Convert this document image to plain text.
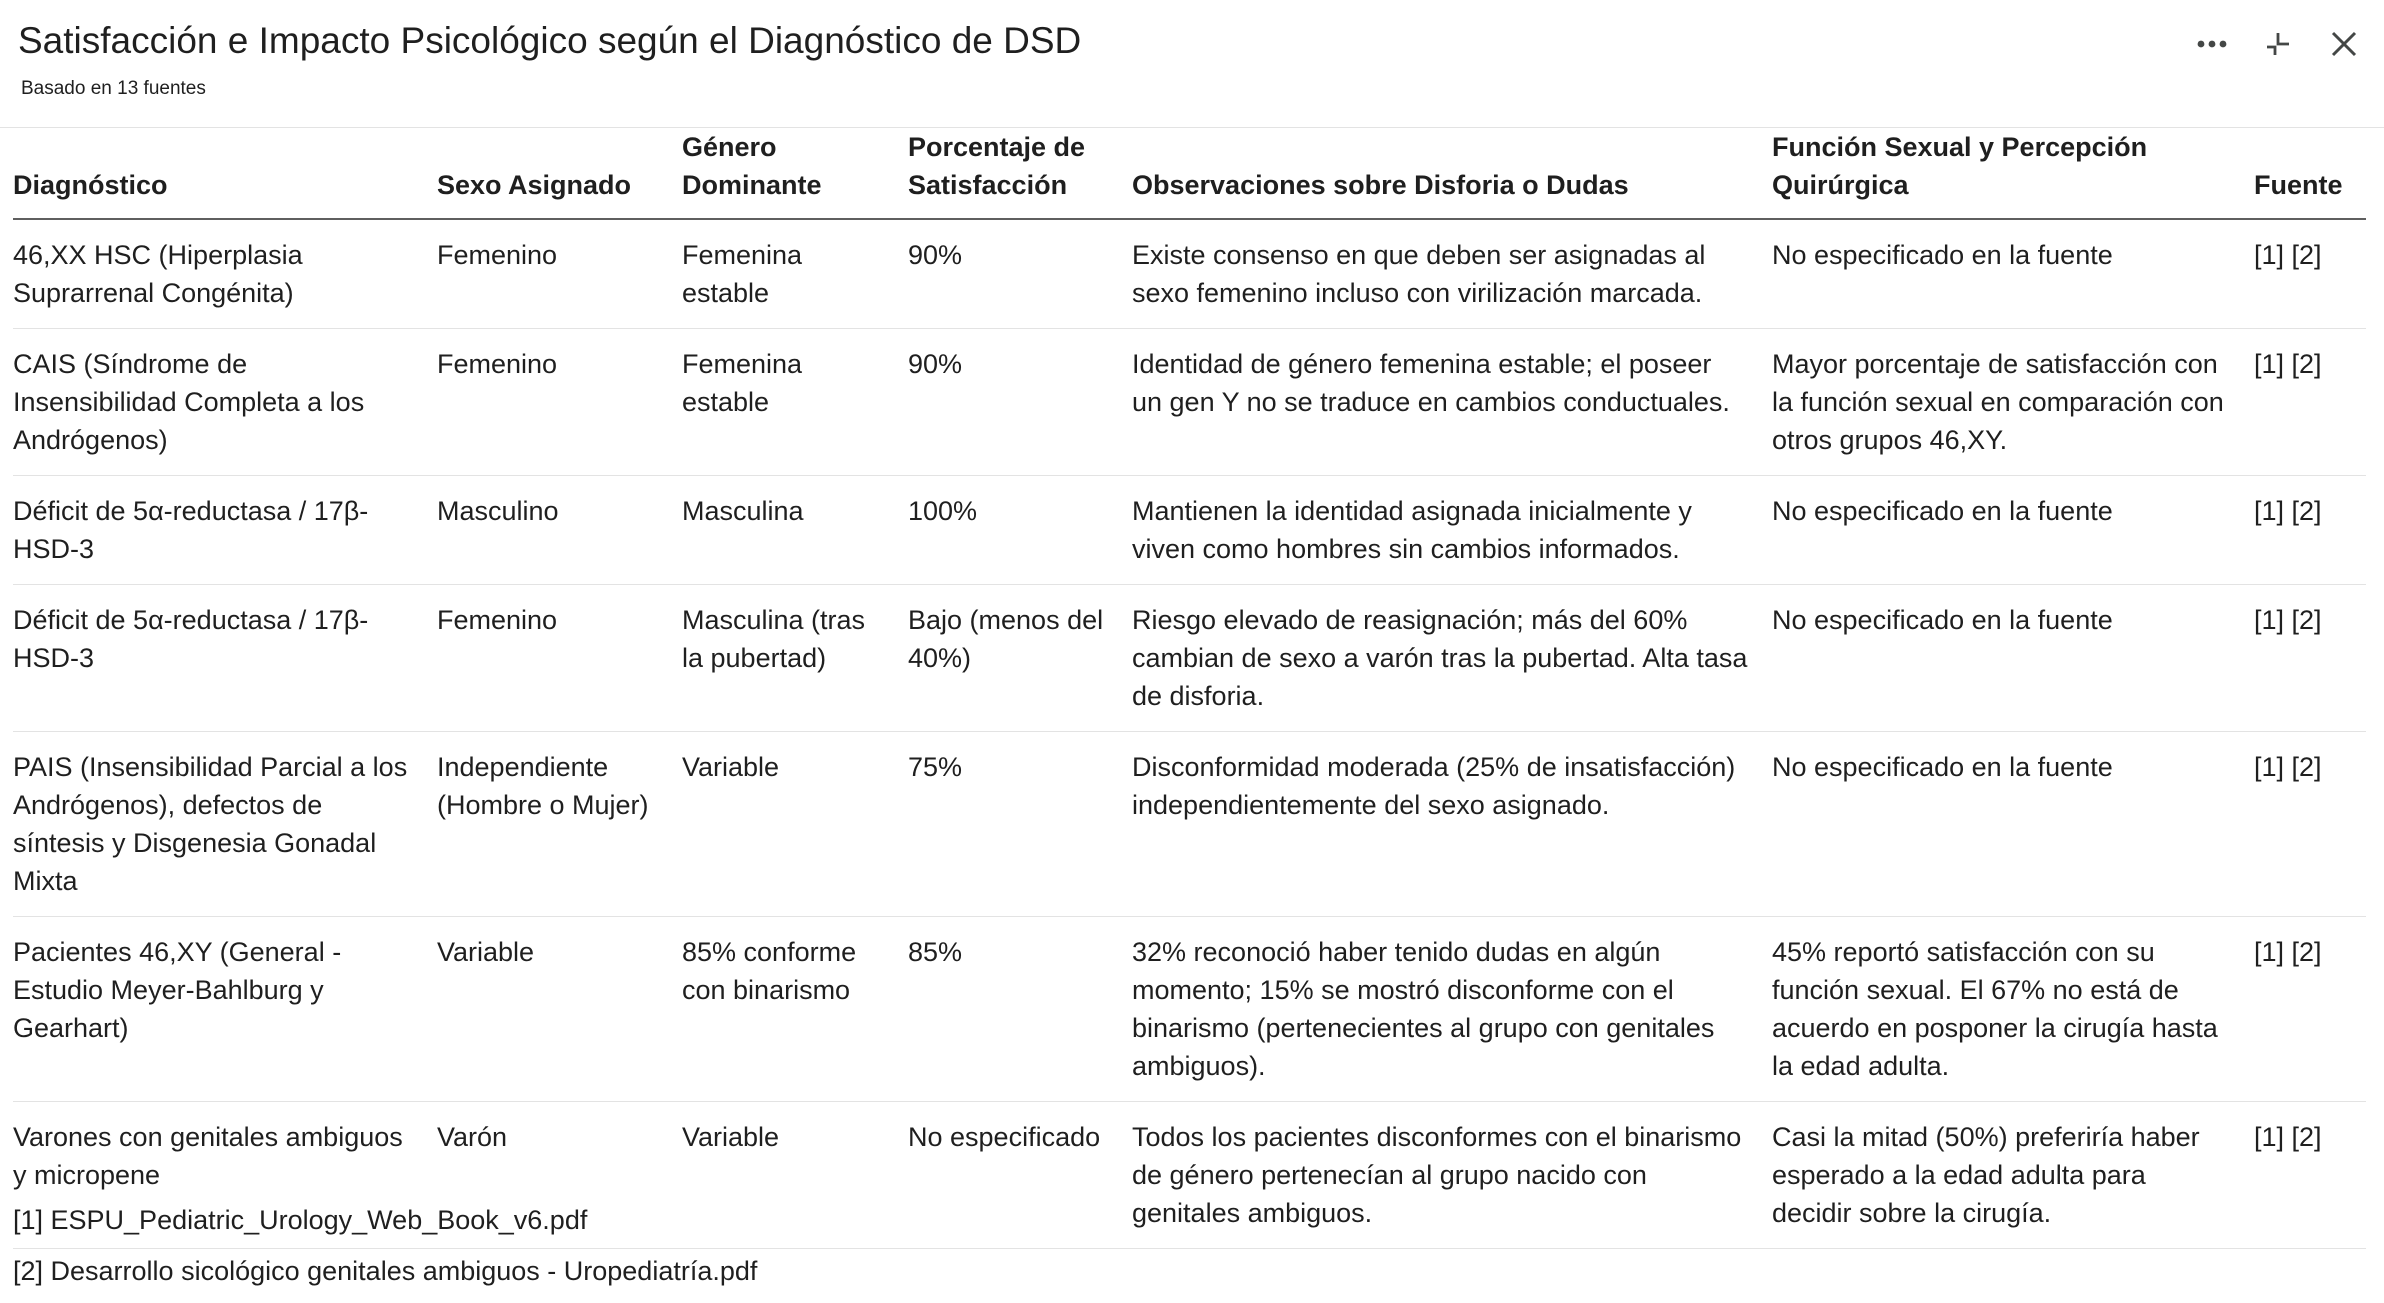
Satisfacción e Impacto Psicológico según el Diagnóstico de DSD
Basado en 13 fuentes
Diagnóstico	Sexo Asignado	Género Dominante	Porcentaje de Satisfacción	Observaciones sobre Disforia o Dudas	Función Sexual y Percepción Quirúrgica	Fuente
46,XX HSC (Hiperplasia Suprarrenal Congénita)	Femenino	Femenina estable	90%	Existe consenso en que deben ser asignadas al sexo femenino incluso con virilización marcada.	No especificado en la fuente	[1] [2]
CAIS (Síndrome de Insensibilidad Completa a los Andrógenos)	Femenino	Femenina estable	90%	Identidad de género femenina estable; el poseer un gen Y no se traduce en cambios conductuales.	Mayor porcentaje de satisfacción con la función sexual en comparación con otros grupos 46,XY.	[1] [2]
Déficit de 5α-reductasa / 17β-HSD-3	Masculino	Masculina	100%	Mantienen la identidad asignada inicialmente y viven como hombres sin cambios informados.	No especificado en la fuente	[1] [2]
Déficit de 5α-reductasa / 17β-HSD-3	Femenino	Masculina (tras la pubertad)	Bajo (menos del 40%)	Riesgo elevado de reasignación; más del 60% cambian de sexo a varón tras la pubertad. Alta tasa de disforia.	No especificado en la fuente	[1] [2]
PAIS (Insensibilidad Parcial a los Andrógenos), defectos de síntesis y Disgenesia Gonadal Mixta	Independiente (Hombre o Mujer)	Variable	75%	Disconformidad moderada (25% de insatisfacción) independientemente del sexo asignado.	No especificado en la fuente	[1] [2]
Pacientes 46,XY (General - Estudio Meyer-Bahlburg y Gearhart)	Variable	85% conforme con binarismo	85%	32% reconoció haber tenido dudas en algún momento; 15% se mostró disconforme con el binarismo (pertenecientes al grupo con genitales ambiguos).	45% reportó satisfacción con su función sexual. El 67% no está de acuerdo en posponer la cirugía hasta la edad adulta.	[1] [2]
Varones con genitales ambiguos y micropene	Varón	Variable	No especificado	Todos los pacientes disconformes con el binarismo de género pertenecían al grupo nacido con genitales ambiguos.	Casi la mitad (50%) preferiría haber esperado a la edad adulta para decidir sobre la cirugía.	[1] [2]
[1] ESPU_Pediatric_Urology_Web_Book_v6.pdf
[2] Desarrollo sicológico genitales ambiguos - Uropediatría.pdf
